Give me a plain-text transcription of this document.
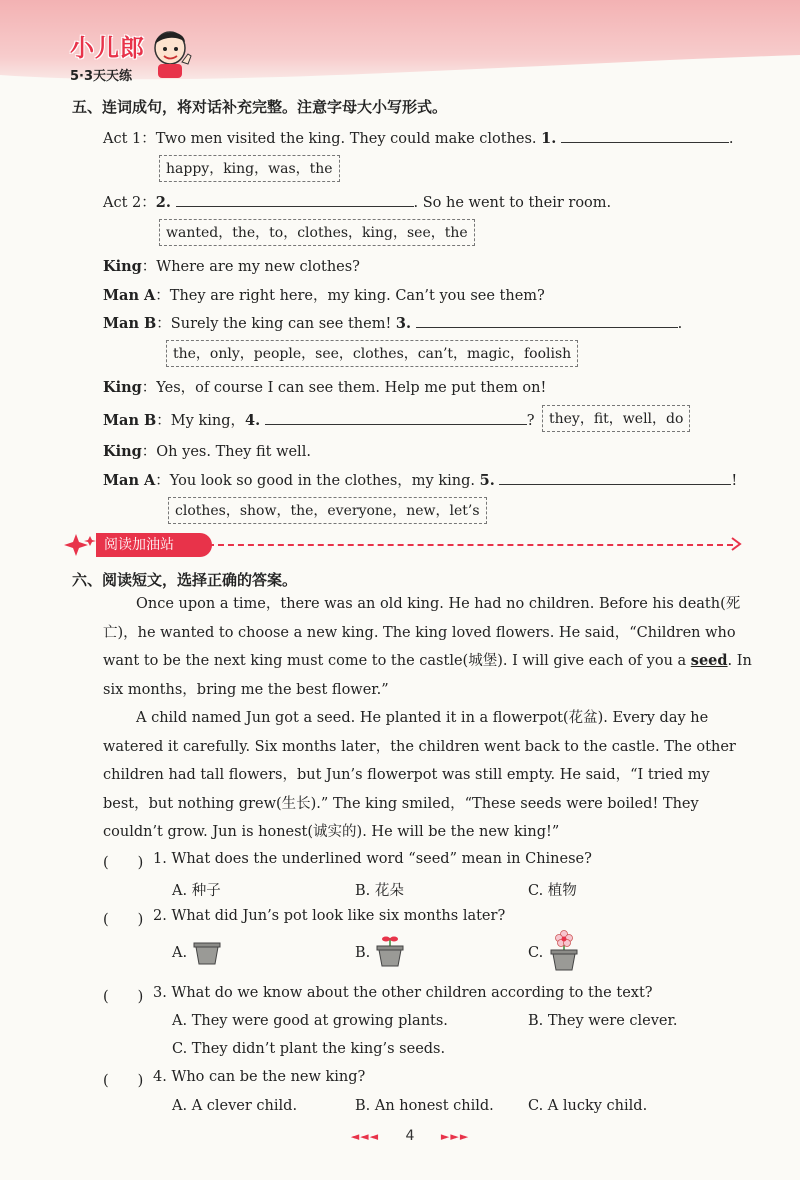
小儿郎
5·3天天练
五、连词成句，将对话补充完整。注意字母大小写形式。
Act 1：Two men visited the king. They could make clothes. 1.	.
happy，king，was，the
Act 2：2.	. So he went to their room.
wanted，the，to，clothes，king，see，the
King：Where are my new clothes?
Man A：They are right here，my king. Can’t you see them?
Man B：Surely the king can see them! 3.	.
the，only，people，see，clothes，can’t，magic，foolish
King：Yes，of course I can see them. Help me put them on!
Man B：My king，4.	?	they，fit，well，do
King：Oh yes. They fit well.
Man A：You look so good in the clothes，my king. 5.	!
clothes，show，the，everyone，new，let’s
阅读加油站
六、阅读短文，选择正确的答案。
Once upon a time，there was an old king. He had no children. Before his death(死
亡)，he wanted to choose a new king. The king loved flowers. He said，“Children who
want to be the next king must come to the castle(城堡). I will give each of you a seed. In
six months，bring me the best flower.”
A child named Jun got a seed. He planted it in a flowerpot(花盆). Every day he
watered it carefully. Six months later，the children went back to the castle. The other
children had tall flowers，but Jun’s flowerpot was still empty. He said，“I tried my
best，but nothing grew(生长).” The king smiled，“These seeds were boiled! They
couldn’t grow. Jun is honest(诚实的). He will be the new king!”
(　　) 1. What does the underlined word “seed” mean in Chinese?
A. 种子	B. 花朵	C. 植物
(　　) 2. What did Jun’s pot look like six months later?
A.	B.	C.
(　　) 3. What do we know about the other children according to the text?
A. They were good at growing plants.	B. They were clever.
C. They didn’t plant the king’s seeds.
(　　) 4. Who can be the new king?
A. A clever child.	B. An honest child. C. A lucky child.
◄◄◄ 4 ►►►
